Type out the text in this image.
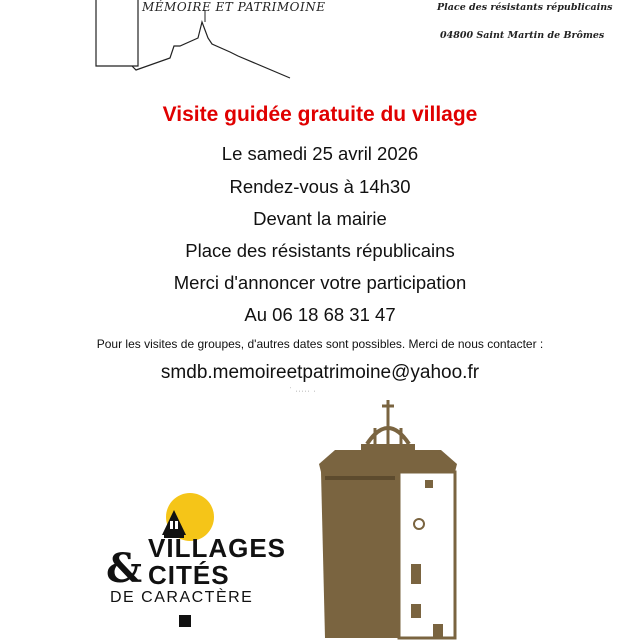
MÉMOIRE ET PATRIMOINE	Place des résistants républicains
04800 Saint Martin de Brômes
Visite guidée gratuite du village
Le samedi 25 avril 2026
Rendez-vous à 14h30
Devant la mairie
Place des résistants républicains
Merci d'annoncer votre participation
Au 06 18 68 31 47
Pour les visites de groupes, d'autres dates sont possibles. Merci de nous contacter :
smdb.memoireetpatrimoine@yahoo.fr
˙ ˒˓˒˓˒ ˒
VILLAGES
& CITÉS
DE CARACTÈRE
